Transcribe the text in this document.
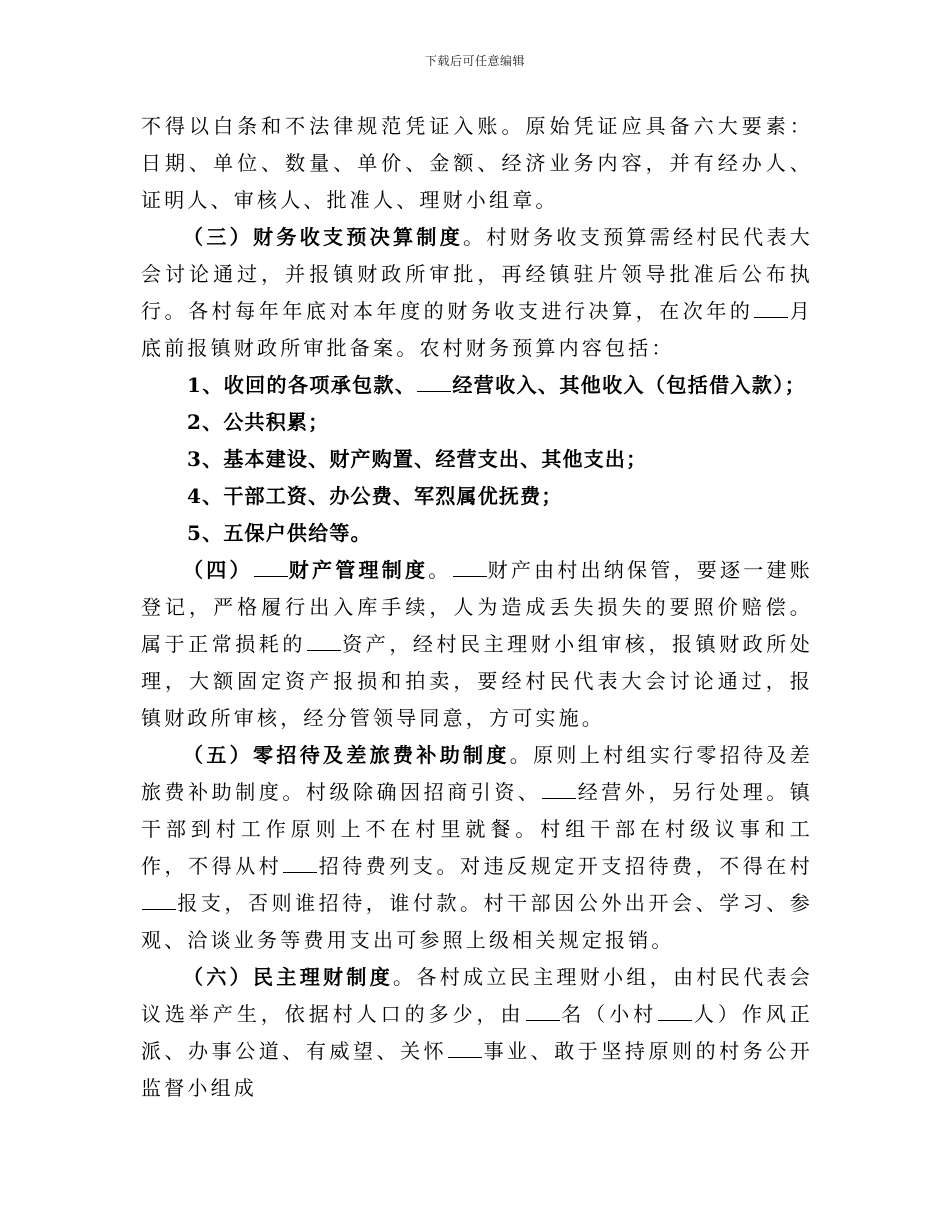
下载后可任意编辑

不得以白条和不法律规范凭证入账。原始凭证应具备六大要素：日期、单位、数量、单价、金额、经济业务内容，并有经办人、证明人、审核人、批准人、理财小组章。

（三）财务收支预决算制度。村财务收支预算需经村民代表大会讨论通过，并报镇财政所审批，再经镇驻片领导批准后公布执行。各村每年年底对本年度的财务收支进行决算，在次年的 月底前报镇财政所审批备案。农村财务预算内容包括：

1、收回的各项承包款、 经营收入、其他收入（包括借入款）；

2、公共积累；

3、基本建设、财产购置、经营支出、其他支出；

4、干部工资、办公费、军烈属优抚费；

5、五保户供给等。

（四） 财产管理制度。 财产由村出纳保管，要逐一建账登记，严格履行出入库手续，人为造成丢失损失的要照价赔偿。属于正常损耗的 资产，经村民主理财小组审核，报镇财政所处理，大额固定资产报损和拍卖，要经村民代表大会讨论通过，报镇财政所审核，经分管领导同意，方可实施。

（五）零招待及差旅费补助制度。原则上村组实行零招待及差旅费补助制度。村级除确因招商引资、 经营外，另行处理。镇干部到村工作原则上不在村里就餐。村组干部在村级议事和工作，不得从村 招待费列支。对违反规定开支招待费，不得在村报支，否则谁招待，谁付款。村干部因公外出开会、学习、参观、洽谈业务等费用支出可参照上级相关规定报销。

（六）民主理财制度。各村成立民主理财小组，由村民代表会议选举产生，依据村人口的多少，由 名（小村 人）作风正派、办事公道、有威望、关怀 事业、敢于坚持原则的村务公开监督小组成
